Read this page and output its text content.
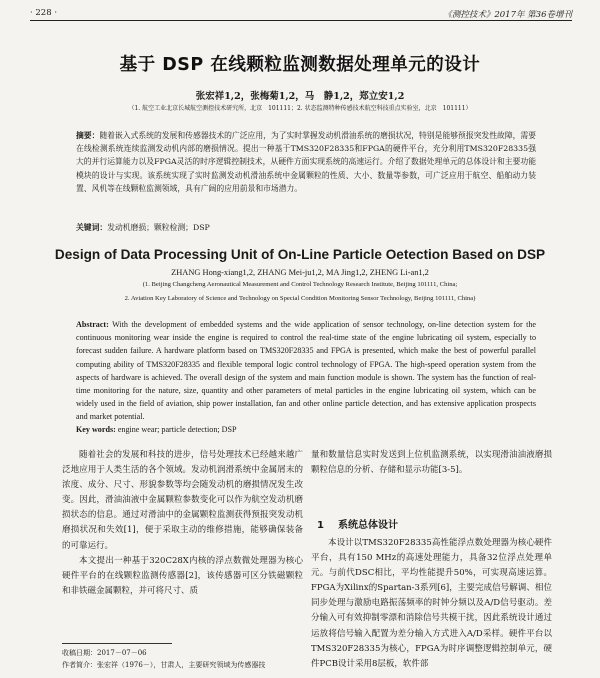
· 228 ·	《测控技术》2017年 第36卷增刊
基于 DSP 在线颗粒监测数据处理单元的设计
张宏祥1,2，张梅菊1,2，马　静1,2，郑立安1,2
（1. 航空工业北京长城航空测控技术研究所，北京　101111；2. 状态监测特种传感技术航空科技重点实验室，北京　101111）
摘要：随着嵌入式系统的发展和传感器技术的广泛应用，为了实时掌握发动机滑油系统的磨损状况，特别是能够预报突发性故障，需要在线检测系统连续监测发动机内部的磨损情况。提出一种基于TMS320F28335和FPGA的硬件平台，充分利用TMS320F28335强大的并行运算能力以及FPGA灵活的时序逻辑控制技术，从硬件方面实现系统的高速运行。介绍了数据处理单元的总体设计和主要功能模块的设计与实现。该系统实现了实时监测发动机滑油系统中金属颗粒的性质、大小、数量等参数，可广泛应用于航空、船舶动力装置、风机等在线颗粒监测领域，具有广阔的应用前景和市场潜力。
关键词：发动机磨损；颗粒检测；DSP
Design of Data Processing Unit of On-Line Particle Oetection Based on DSP
ZHANG Hong-xiang1,2, ZHANG Mei-ju1,2, MA Jing1,2, ZHENG Li-an1,2
(1. Beijing Changcheng Aeronautical Measurement and Control Technology Research Institute, Beijing 101111, China;
2. Aviation Key Laboratory of Science and Technology on Special Condition Monitoring Sensor Technology, Beijing 101111, China)
Abstract: With the development of embedded systems and the wide application of sensor technology, on-line detection system for the continuous monitoring wear inside the engine is required to control the real-time state of the engine lubricating oil system, especially to forecast sudden failure. A hardware platform based on TMS320F28335 and FPGA is presented, which make the best of powerful parallel computing ability of TMS320F28335 and flexible temporal logic control technology of FPGA. The high-speed operation system from the aspects of hardware is achieved. The overall design of the system and main function module is shown. The system has the function of real-time monitoring for the nature, size, quantity and other parameters of metal particles in the engine lubricating oil system, which can be widely used in the field of aviation, ship power installation, fan and other online particle detection, and has extensive application prospects and market potential.
Key words: engine wear; particle detection; DSP

随着社会的发展和科技的进步，信号处理技术已经越来越广泛地应用于人类生活的各个领域。发动机润滑系统中金属屑末的浓度、成分、尺寸、形貌参数等均会随发动机的磨损情况发生改变。因此，滑油油液中金属颗粒参数变化可以作为航空发动机磨损状态的信息。通过对滑油中的金属颗粒监测获得预报突发动机磨损状况和失效[1]，便于采取主动的维修措施，能够确保装备的可靠运行。

本文提出一种基于320C28X内核的浮点数微处理器为核心硬件平台的在线颗粒监测传感器[2]，该传感器可区分铁磁颗粒和非铁磁金属颗粒，并可将尺寸、质

量和数量信息实时发送到上位机监测系统，以实现滑油油液磨损颗粒信息的分析、存储和显示功能[3-5]。

1 系统总体设计

本设计以TMS320F28335高性能浮点数处理器为核心硬件平台，具有150 MHz的高速处理能力，具备32位浮点处理单元。与前代DSC相比，平均性能提升50%，可实现高速运算。FPGA为Xilinx的Spartan-3系列[6]，主要完成信号解调、相位同步处理与激励电路振荡频率的时钟分频以及A/D信号驱动。差分输入可有效抑制零漂和消除信号共模干扰，因此系统设计通过运放将信号输入配置为差分输入方式进入A/D采样。硬件平台以TMS320F28335为核心，FPGA为时序调整逻辑控制单元，硬件PCB设计采用8层板，软件部

收稿日期：2017－07－06
作者简介：张宏祥（1976－），甘肃人，主要研究领域为传感器技
